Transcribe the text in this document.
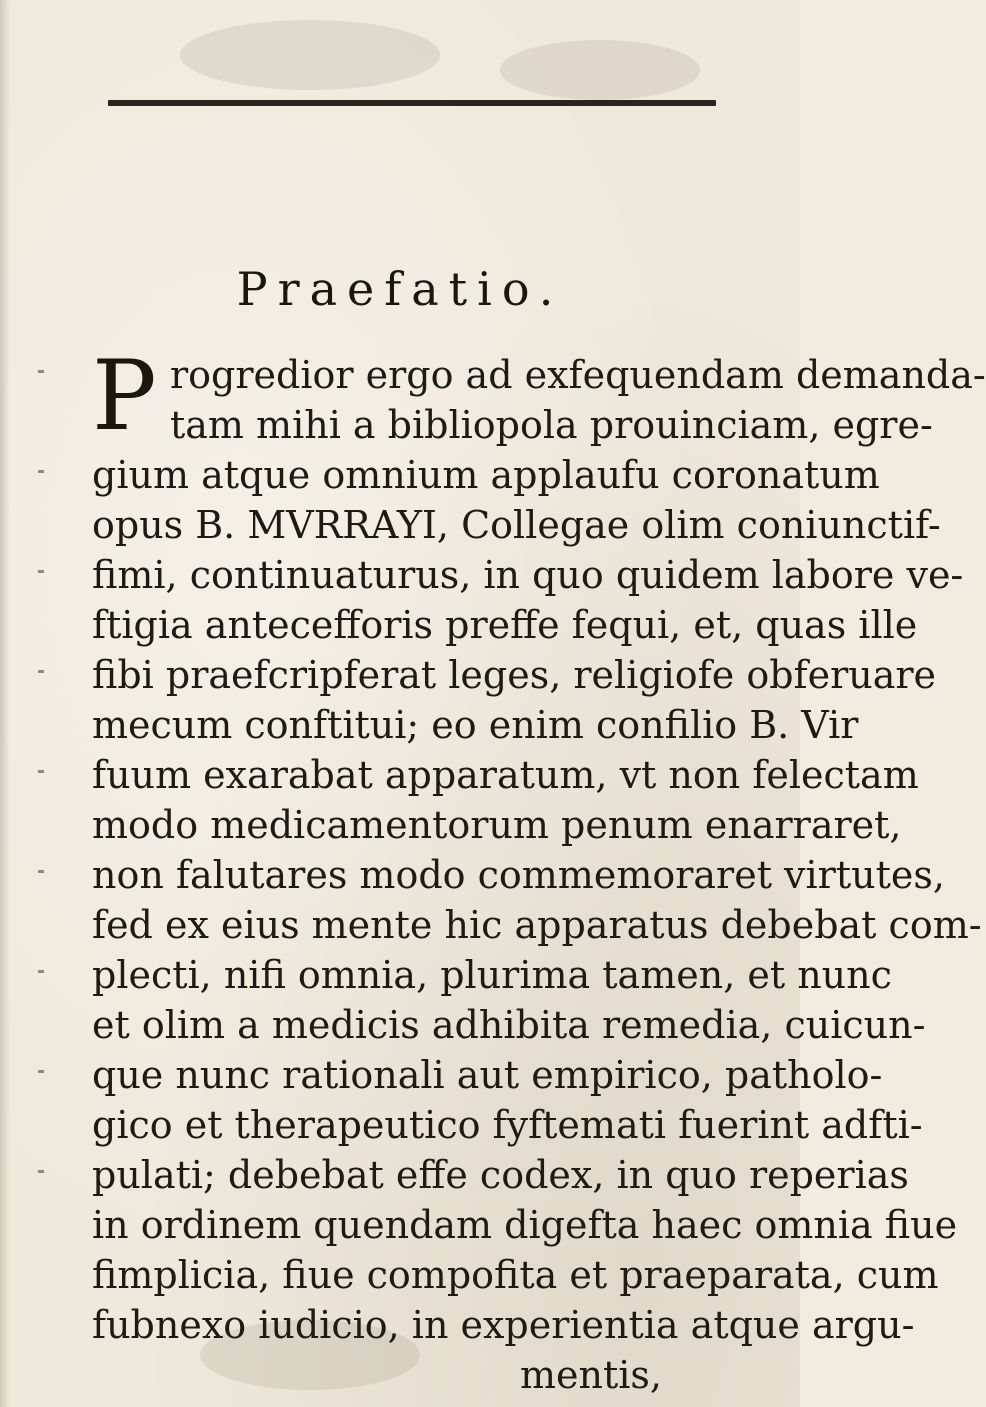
Praefatio.
P rogredior ergo ad exfequendam demanda-
tam mihi a bibliopola prouinciam, egre-
gium atque omnium applaufu coronatum
opus B. MVRRAYI, Collegae olim coniunctif-
fimi, continuaturus, in quo quidem labore ve-
ftigia antecefforis preffe fequi, et, quas ille
fibi praefcripferat leges, religiofe obferuare
mecum conftitui; eo enim confilio B. Vir
fuum exarabat apparatum, vt non felectam
modo medicamentorum penum enarraret,
non falutares modo commemoraret virtutes,
fed ex eius mente hic apparatus debebat com-
plecti, nifi omnia, plurima tamen, et nunc
et olim a medicis adhibita remedia, cuicun-
que nunc rationali aut empirico, patholo-
gico et therapeutico fyftemati fuerint adfti-
pulati; debebat effe codex, in quo reperias
in ordinem quendam digefta haec omnia fiue
fimplicia, fiue compofita et praeparata, cum
fubnexo iudicio, in experientia atque argu-
mentis,
